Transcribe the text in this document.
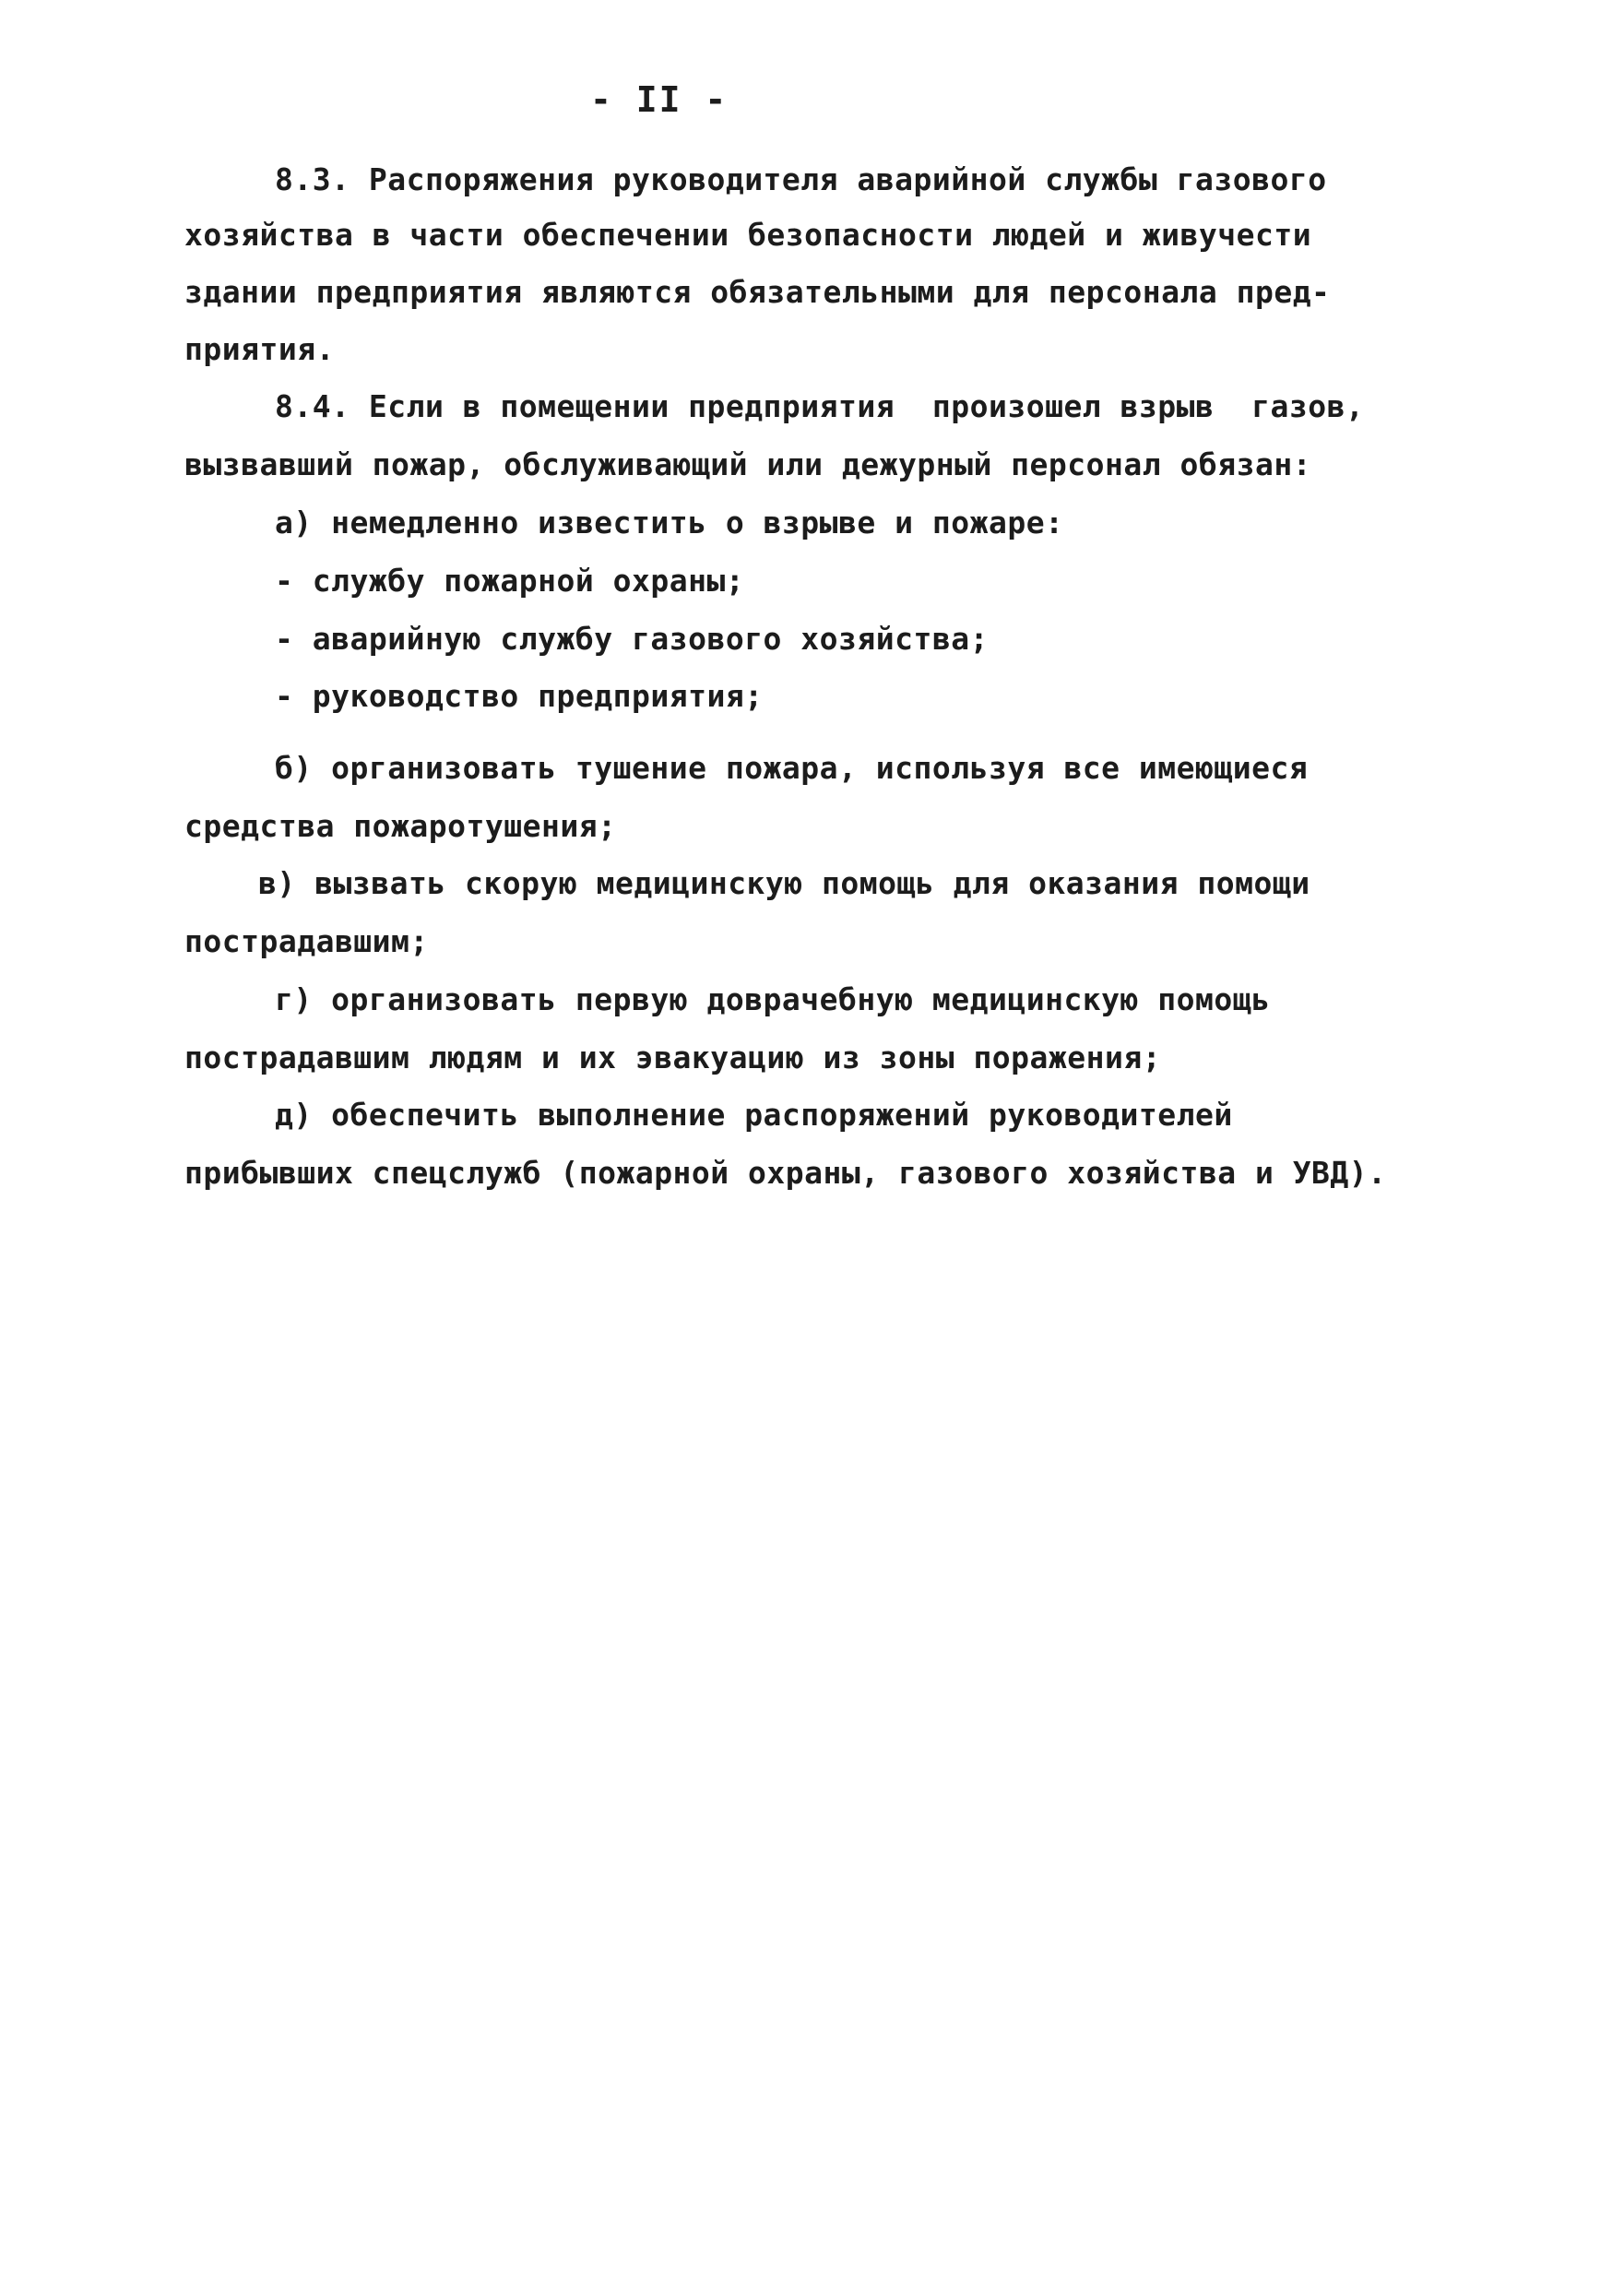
- II -
8.3. Распоряжения руководителя аварийной службы газового
хозяйства в части обеспечении безопасности людей и живучести
здании предприятия являются обязательными для персонала пред-
приятия.
8.4. Если в помещении предприятия  произошел взрыв  газов,
вызвавший пожар, обслуживающий или дежурный персонал обязан:
а) немедленно известить о взрыве и пожаре:
- службу пожарной охраны;
- аварийную службу газового хозяйства;
- руководство предприятия;
б) организовать тушение пожара, используя все имеющиеся
средства пожаротушения;
в) вызвать скорую медицинскую помощь для оказания помощи
пострадавшим;
г) организовать первую доврачебную медицинскую помощь
пострадавшим людям и их эвакуацию из зоны поражения;
д) обеспечить выполнение распоряжений руководителей
прибывших спецслужб (пожарной охраны, газового хозяйства и УВД).
